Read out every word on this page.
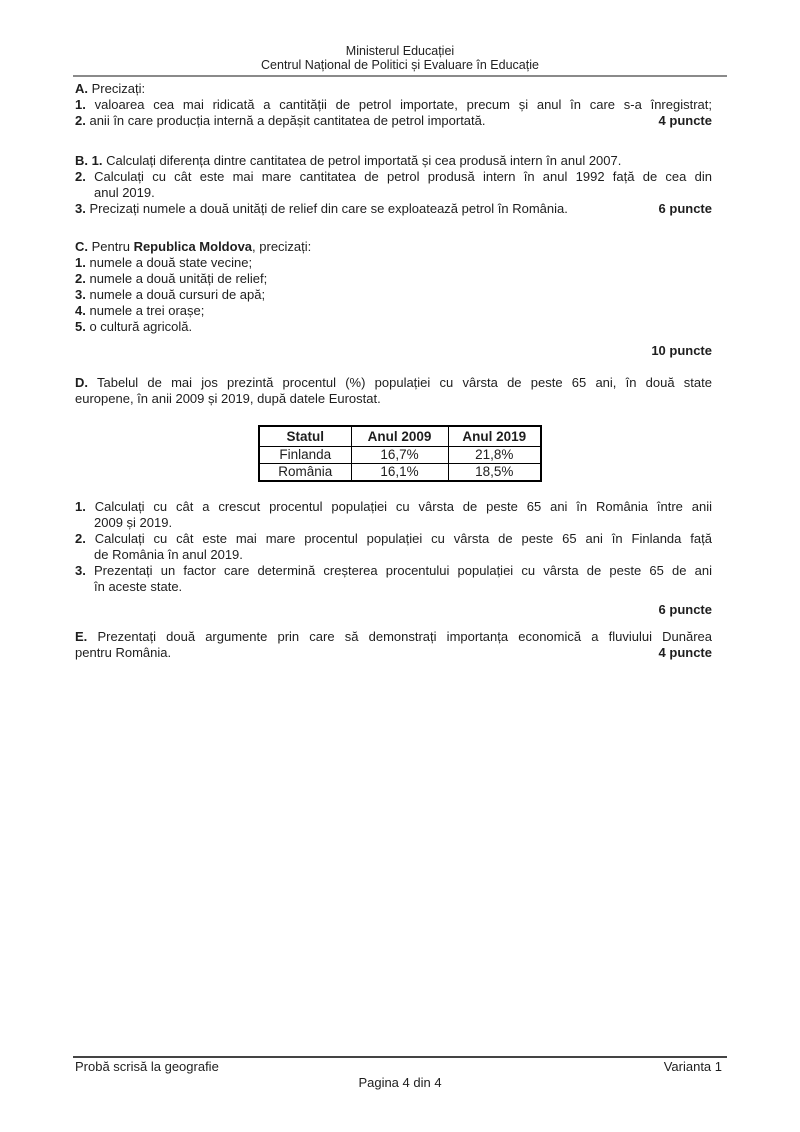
Ministerul Educației
Centrul Național de Politici și Evaluare în Educație
A. Precizați:
1. valoarea cea mai ridicată a cantității de petrol importate, precum și anul în care s-a înregistrat;
2. anii în care producția internă a depășit cantitatea de petrol importată.	4 puncte
B. 1. Calculați diferența dintre cantitatea de petrol importată și cea produsă intern în anul 2007.
2. Calculați cu cât este mai mare cantitatea de petrol produsă intern în anul 1992 față de cea din
anul 2019.
3. Precizați numele a două unități de relief din care se exploatează petrol în România.	6 puncte
C. Pentru Republica Moldova, precizați:
1. numele a două state vecine;
2. numele a două unități de relief;
3. numele a două cursuri de apă;
4. numele a trei orașe;
5. o cultură agricolă.
10 puncte
D. Tabelul de mai jos prezintă procentul (%) populației cu vârsta de peste 65 ani, în două state
europene, în anii 2009 și 2019, după datele Eurostat.
Statul	Anul 2009	Anul 2019
Finlanda	16,7%	21,8%
România	16,1%	18,5%
1. Calculați cu cât a crescut procentul populației cu vârsta de peste 65 ani în România între anii
2009 și 2019.
2. Calculați cu cât este mai mare procentul populației cu vârsta de peste 65 ani în Finlanda față
de România în anul 2019.
3. Prezentați un factor care determină creșterea procentului populației cu vârsta de peste 65 de ani
în aceste state.
6 puncte
E. Prezentați două argumente prin care să demonstrați importanța economică a fluviului Dunărea
pentru România.	4 puncte
Probă scrisă la geografie	Varianta 1
Pagina 4 din 4
